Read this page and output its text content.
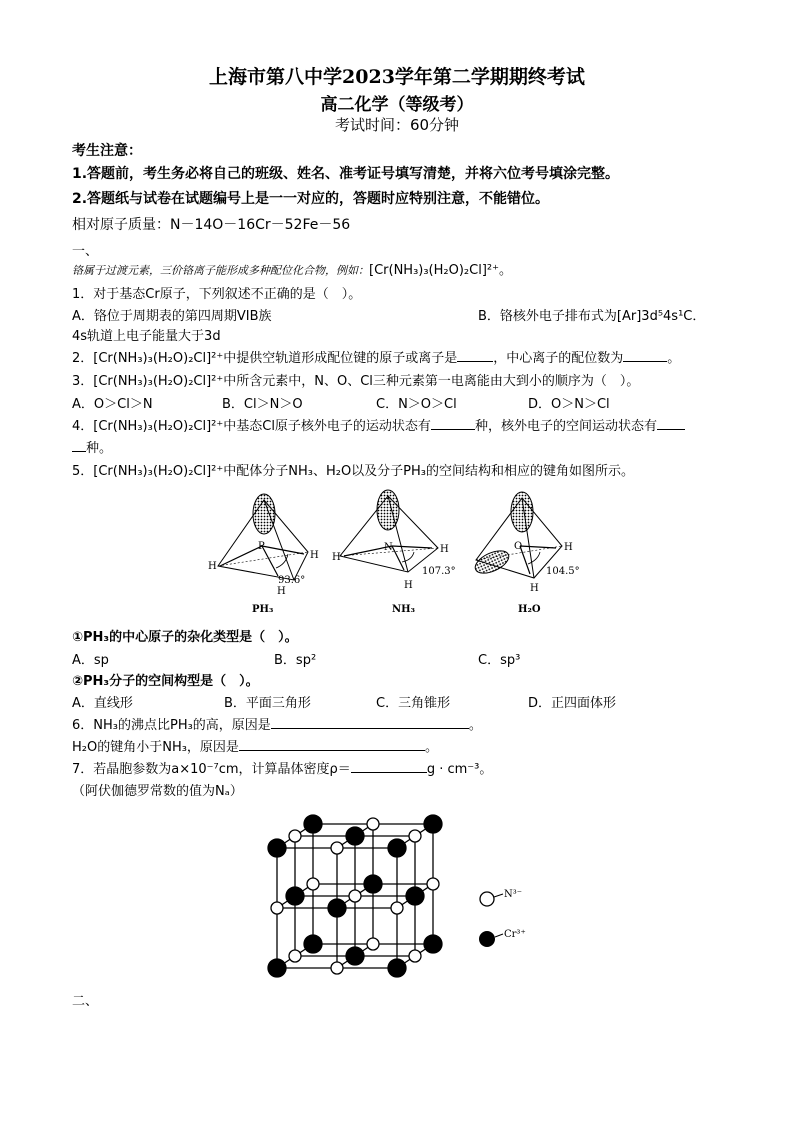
上海市第八中学2023学年第二学期期终考试
高二化学（等级考）
考试时间：60分钟
考生注意：
1.答题前，考生务必将自己的班级、姓名、准考证号填写清楚，并将六位考号填涂完整。
2.答题纸与试卷在试题编号上是一一对应的，答题时应特别注意，不能错位。
相对原子质量：N－14O－16Cr－52Fe－56
一、
铬属于过渡元素，三价铬离子能形成多种配位化合物，例如：[Cr(NH₃)₃(H₂O)₂Cl]²⁺。
1．对于基态Cr原子，下列叙述不正确的是（　）。
A．铬位于周期表的第四周期VIB族	B．铬核外电子排布式为[Ar]3d⁵4s¹C．
4s轨道上电子能量大于3d
2．[Cr(NH₃)₃(H₂O)₂Cl]²⁺中提供空轨道形成配位键的原子或离子是	，中心离子的配位数为	。
3．[Cr(NH₃)₃(H₂O)₂Cl]²⁺中所含元素中，N、O、Cl三种元素第一电离能由大到小的顺序为（　）。
A．O＞Cl＞N	B．Cl＞N＞O	C．N＞O＞Cl	D．O＞N＞Cl
4．[Cr(NH₃)₃(H₂O)₂Cl]²⁺中基态Cl原子核外电子的运动状态有	种，核外电子的空间运动状态有
种。
5．[Cr(NH₃)₃(H₂O)₂Cl]²⁺中配体分子NH₃、H₂O以及分子PH₃的空间结构和相应的键角如图所示。
P
H
H
H
93.6°
PH₃
N
H
H
H
107.3°
NH₃
O	H
H
104.5°
H₂O
①PH₃的中心原子的杂化类型是（　）。
A．sp	B．sp²	C．sp³
②PH₃分子的空间构型是（　）。
A．直线形	B．平面三角形	C．三角锥形	D．正四面体形
6．NH₃的沸点比PH₃的高，原因是	。
H₂O的键角小于NH₃，原因是	。
7．若晶胞参数为a×10⁻⁷cm，计算晶体密度ρ＝	g · cm⁻³。
（阿伏伽德罗常数的值为Nₐ）
N³⁻
Cr³⁺
二、
